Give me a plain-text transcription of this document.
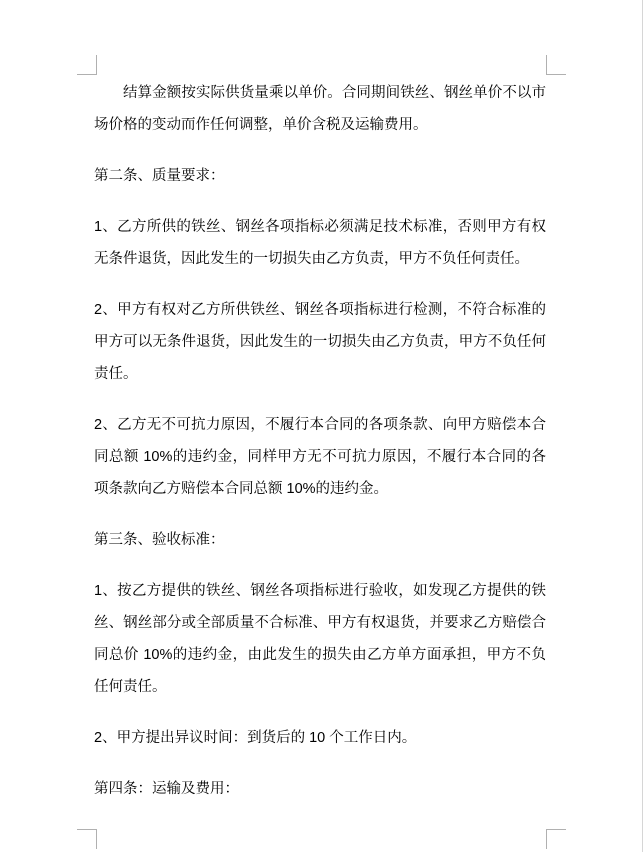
结算金额按实际供货量乘以单价。合同期间铁丝、钢丝单价不以市场价格的变动而作任何调整，单价含税及运输费用。

第二条、质量要求：

1、乙方所供的铁丝、钢丝各项指标必须满足技术标准，否则甲方有权无条件退货，因此发生的一切损失由乙方负责，甲方不负任何责任。

2、甲方有权对乙方所供铁丝、钢丝各项指标进行检测，不符合标准的甲方可以无条件退货，因此发生的一切损失由乙方负责，甲方不负任何责任。

2、乙方无不可抗力原因，不履行本合同的各项条款、向甲方赔偿本合同总额 10%的违约金，同样甲方无不可抗力原因，不履行本合同的各项条款向乙方赔偿本合同总额 10%的违约金。

第三条、验收标准：

1、按乙方提供的铁丝、钢丝各项指标进行验收，如发现乙方提供的铁丝、钢丝部分或全部质量不合标准、甲方有权退货，并要求乙方赔偿合同总价 10%的违约金，由此发生的损失由乙方单方面承担，甲方不负任何责任。

2、甲方提出异议时间：到货后的 10 个工作日内。

第四条：运输及费用：
